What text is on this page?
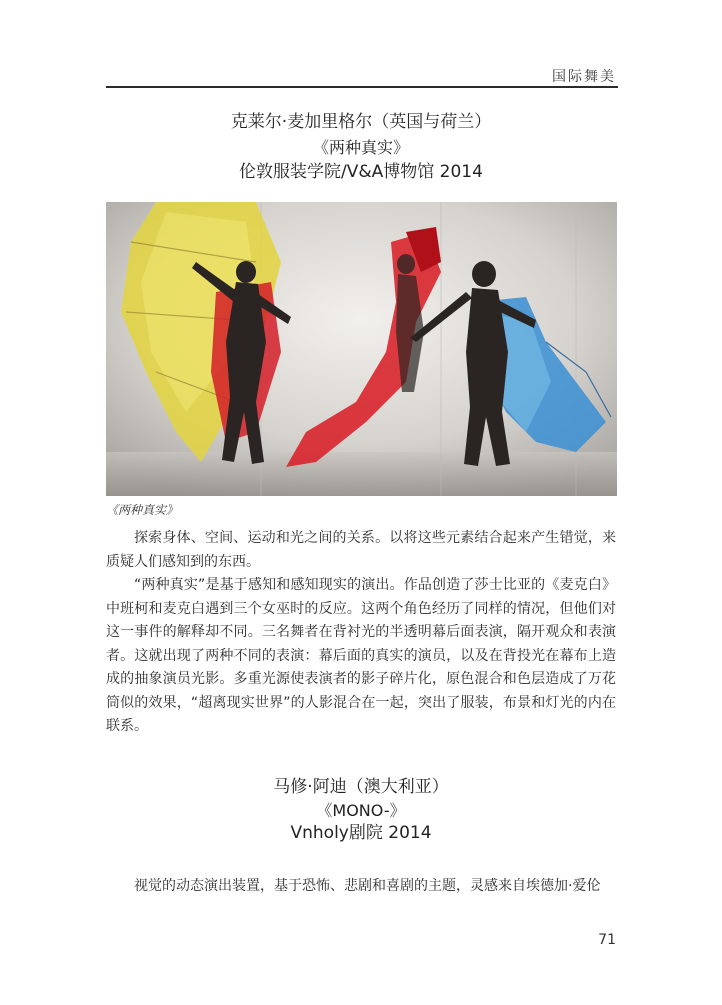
国际舞美
克莱尔·麦加里格尔（英国与荷兰）
《两种真实》
伦敦服装学院/V&A博物馆 2014
《两种真实》

探索身体、空间、运动和光之间的关系。以将这些元素结合起来产生错觉，来质疑人们感知到的东西。

“两种真实”是基于感知和感知现实的演出。作品创造了莎士比亚的《麦克白》中班柯和麦克白遇到三个女巫时的反应。这两个角色经历了同样的情况，但他们对这一事件的解释却不同。三名舞者在背衬光的半透明幕后面表演，隔开观众和表演者。这就出现了两种不同的表演：幕后面的真实的演员，以及在背投光在幕布上造成的抽象演员光影。多重光源使表演者的影子碎片化，原色混合和色层造成了万花筒似的效果，“超离现实世界”的人影混合在一起，突出了服装，布景和灯光的内在联系。

马修·阿迪（澳大利亚）
《MONO-》
Vnholy剧院 2014

视觉的动态演出装置，基于恐怖、悲剧和喜剧的主题，灵感来自埃德加·爱伦

71
